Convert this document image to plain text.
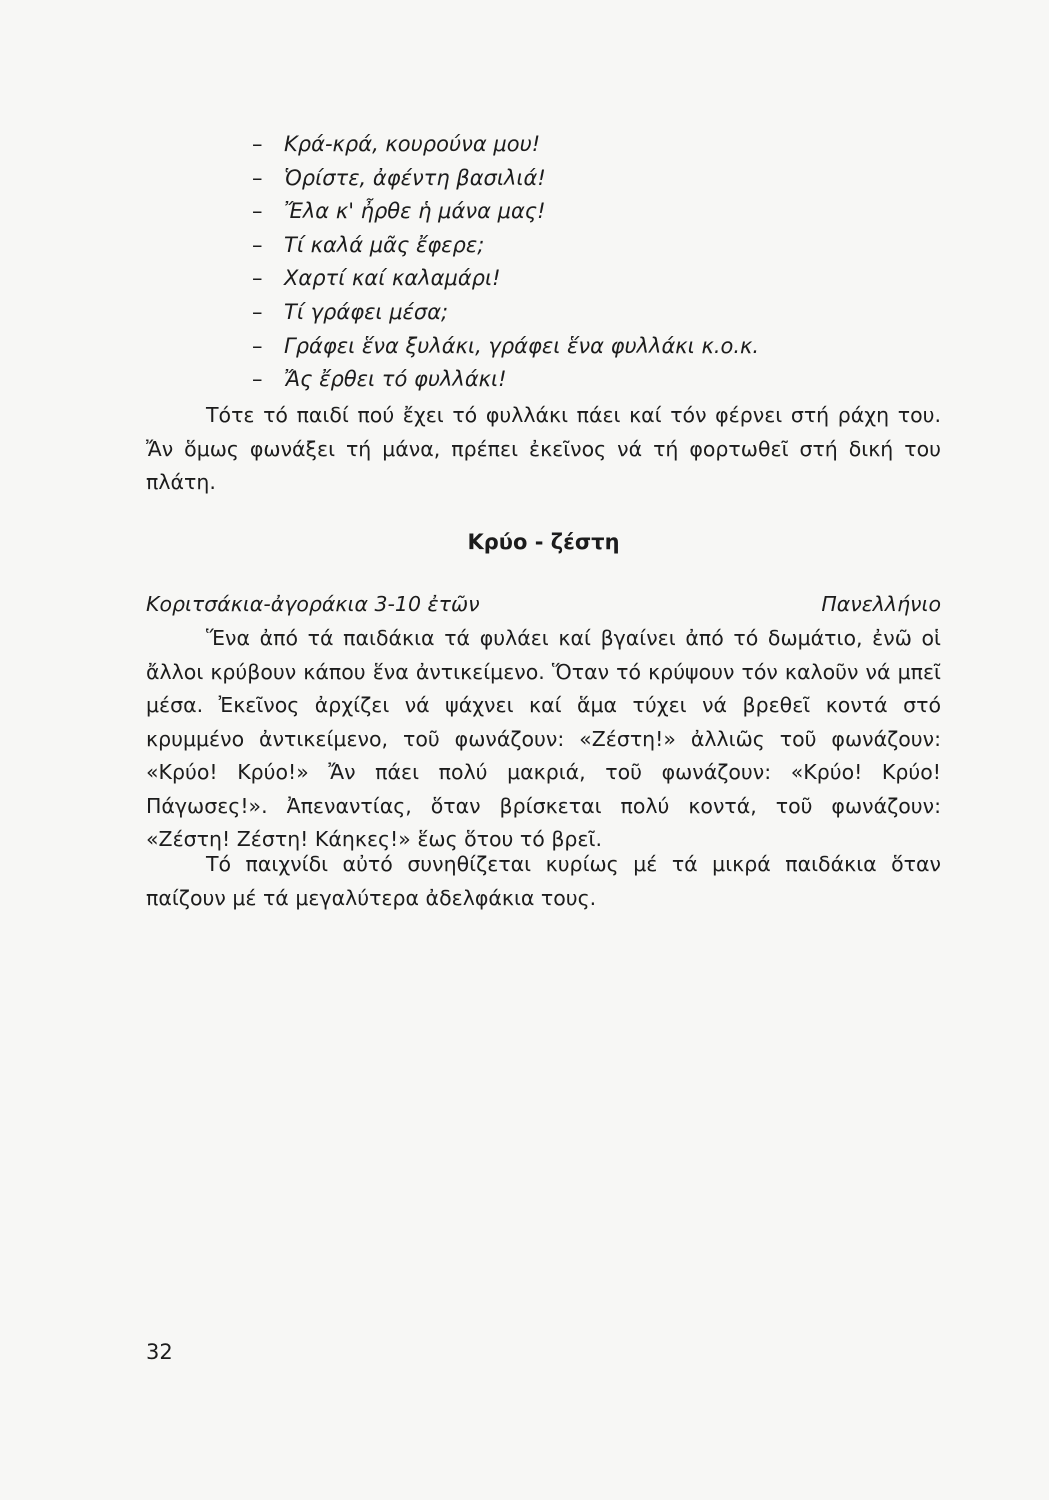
– Κρά-κρά, κουρούνα μου!
– Ὁρίστε, ἀφέντη βασιλιά!
– Ἔλα κ' ἦρθε ἡ μάνα μας!
– Τί καλά μᾶς ἔφερε;
– Χαρτί καί καλαμάρι!
– Τί γράφει μέσα;
– Γράφει ἕνα ξυλάκι, γράφει ἕνα φυλλάκι κ.ο.κ.
– Ἄς ἔρθει τό φυλλάκι!

Τότε τό παιδί πού ἔχει τό φυλλάκι πάει καί τόν φέρνει στή ράχη του. Ἄν ὅμως φωνάξει τή μάνα, πρέπει ἐκεῖνος νά τή φορτωθεῖ στή δική του πλάτη.

Κρύο - ζέστη
Κοριτσάκια-ἀγοράκια 3-10 ἐτῶν	Πανελλήνιο

Ἕνα ἀπό τά παιδάκια τά φυλάει καί βγαίνει ἀπό τό δωμάτιο, ἐνῶ οἱ ἄλλοι κρύβουν κάπου ἕνα ἀντικείμενο. Ὅταν τό κρύψουν τόν καλοῦν νά μπεῖ μέσα. Ἐκεῖνος ἀρχίζει νά ψάχνει καί ἅμα τύχει νά βρεθεῖ κοντά στό κρυμμένο ἀντικείμενο, τοῦ φωνάζουν: «Ζέστη!» ἀλλιῶς τοῦ φωνάζουν: «Κρύο! Κρύο!» Ἄν πάει πολύ μακριά, τοῦ φωνάζουν: «Κρύο! Κρύο! Πάγωσες!». Ἀπεναντίας, ὅταν βρίσκεται πολύ κοντά, τοῦ φωνάζουν: «Ζέστη! Ζέστη! Κάηκες!» ἕως ὅτου τό βρεῖ.

Τό παιχνίδι αὐτό συνηθίζεται κυρίως μέ τά μικρά παιδάκια ὅταν παίζουν μέ τά μεγαλύτερα ἀδελφάκια τους.

32
